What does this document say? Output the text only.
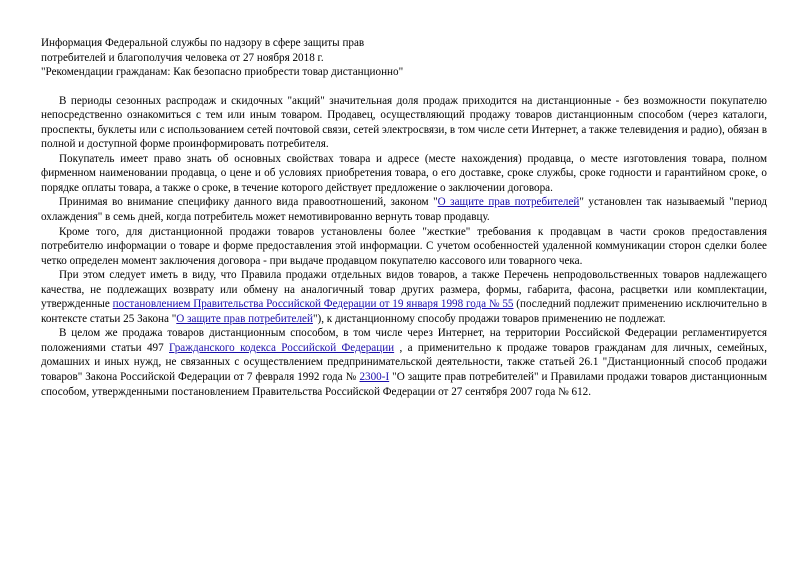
Информация Федеральной службы по надзору в сфере защиты прав
потребителей и благополучия человека от 27 ноября 2018 г.
"Рекомендации гражданам: Как безопасно приобрести товар дистанционно"

В периоды сезонных распродаж и скидочных "акций" значительная доля продаж приходится на дистанционные - без возможности покупателю непосредственно ознакомиться с тем или иным товаром. Продавец, осуществляющий продажу товаров дистанционным способом (через каталоги, проспекты, буклеты или с использованием сетей почтовой связи, сетей электросвязи, в том числе сети Интернет, а также телевидения и радио), обязан в полной и доступной форме проинформировать потребителя.

Покупатель имеет право знать об основных свойствах товара и адресе (месте нахождения) продавца, о месте изготовления товара, полном фирменном наименовании продавца, о цене и об условиях приобретения товара, о его доставке, сроке службы, сроке годности и гарантийном сроке, о порядке оплаты товара, а также о сроке, в течение которого действует предложение о заключении договора.

Принимая во внимание специфику данного вида правоотношений, законом "О защите прав потребителей" установлен так называемый "период охлаждения" в семь дней, когда потребитель может немотивированно вернуть товар продавцу.

Кроме того, для дистанционной продажи товаров установлены более "жесткие" требования к продавцам в части сроков предоставления потребителю информации о товаре и форме предоставления этой информации. С учетом особенностей удаленной коммуникации сторон сделки более четко определен момент заключения договора - при выдаче продавцом покупателю кассового или товарного чека.

При этом следует иметь в виду, что Правила продажи отдельных видов товаров, а также Перечень непродовольственных товаров надлежащего качества, не подлежащих возврату или обмену на аналогичный товар других размера, формы, габарита, фасона, расцветки или комплектации, утвержденные постановлением Правительства Российской Федерации от 19 января 1998 года № 55 (последний подлежит применению исключительно в контексте статьи 25 Закона "О защите прав потребителей"), к дистанционному способу продажи товаров применению не подлежат.

В целом же продажа товаров дистанционным способом, в том числе через Интернет, на территории Российской Федерации регламентируется положениями статьи 497 Гражданского кодекса Российской Федерации , а применительно к продаже товаров гражданам для личных, семейных, домашних и иных нужд, не связанных с осуществлением предпринимательской деятельности, также статьей 26.1 "Дистанционный способ продажи товаров" Закона Российской Федерации от 7 февраля 1992 года № 2300-I "О защите прав потребителей" и Правилами продажи товаров дистанционным способом, утвержденными постановлением Правительства Российской Федерации от 27 сентября 2007 года № 612.
